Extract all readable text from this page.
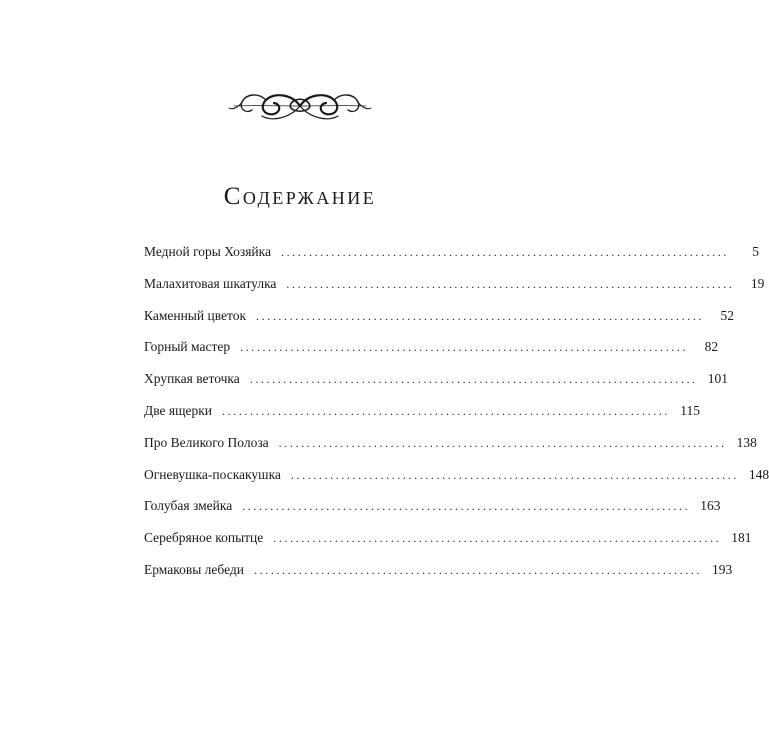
Содержание
Медной горы Хозяйка ................................................................................	5
Малахитовая шкатулка ................................................................................	19
Каменный цветок ................................................................................	52
Горный мастер ................................................................................	82
Хрупкая веточка ................................................................................ 101
Две ящерки ................................................................................ 115
Про Великого Полоза ................................................................................ 138
Огневушка-поскакушка ................................................................................ 148
Голубая змейка ................................................................................ 163
Серебряное копытце ................................................................................ 181
Ермаковы лебеди ................................................................................ 193
